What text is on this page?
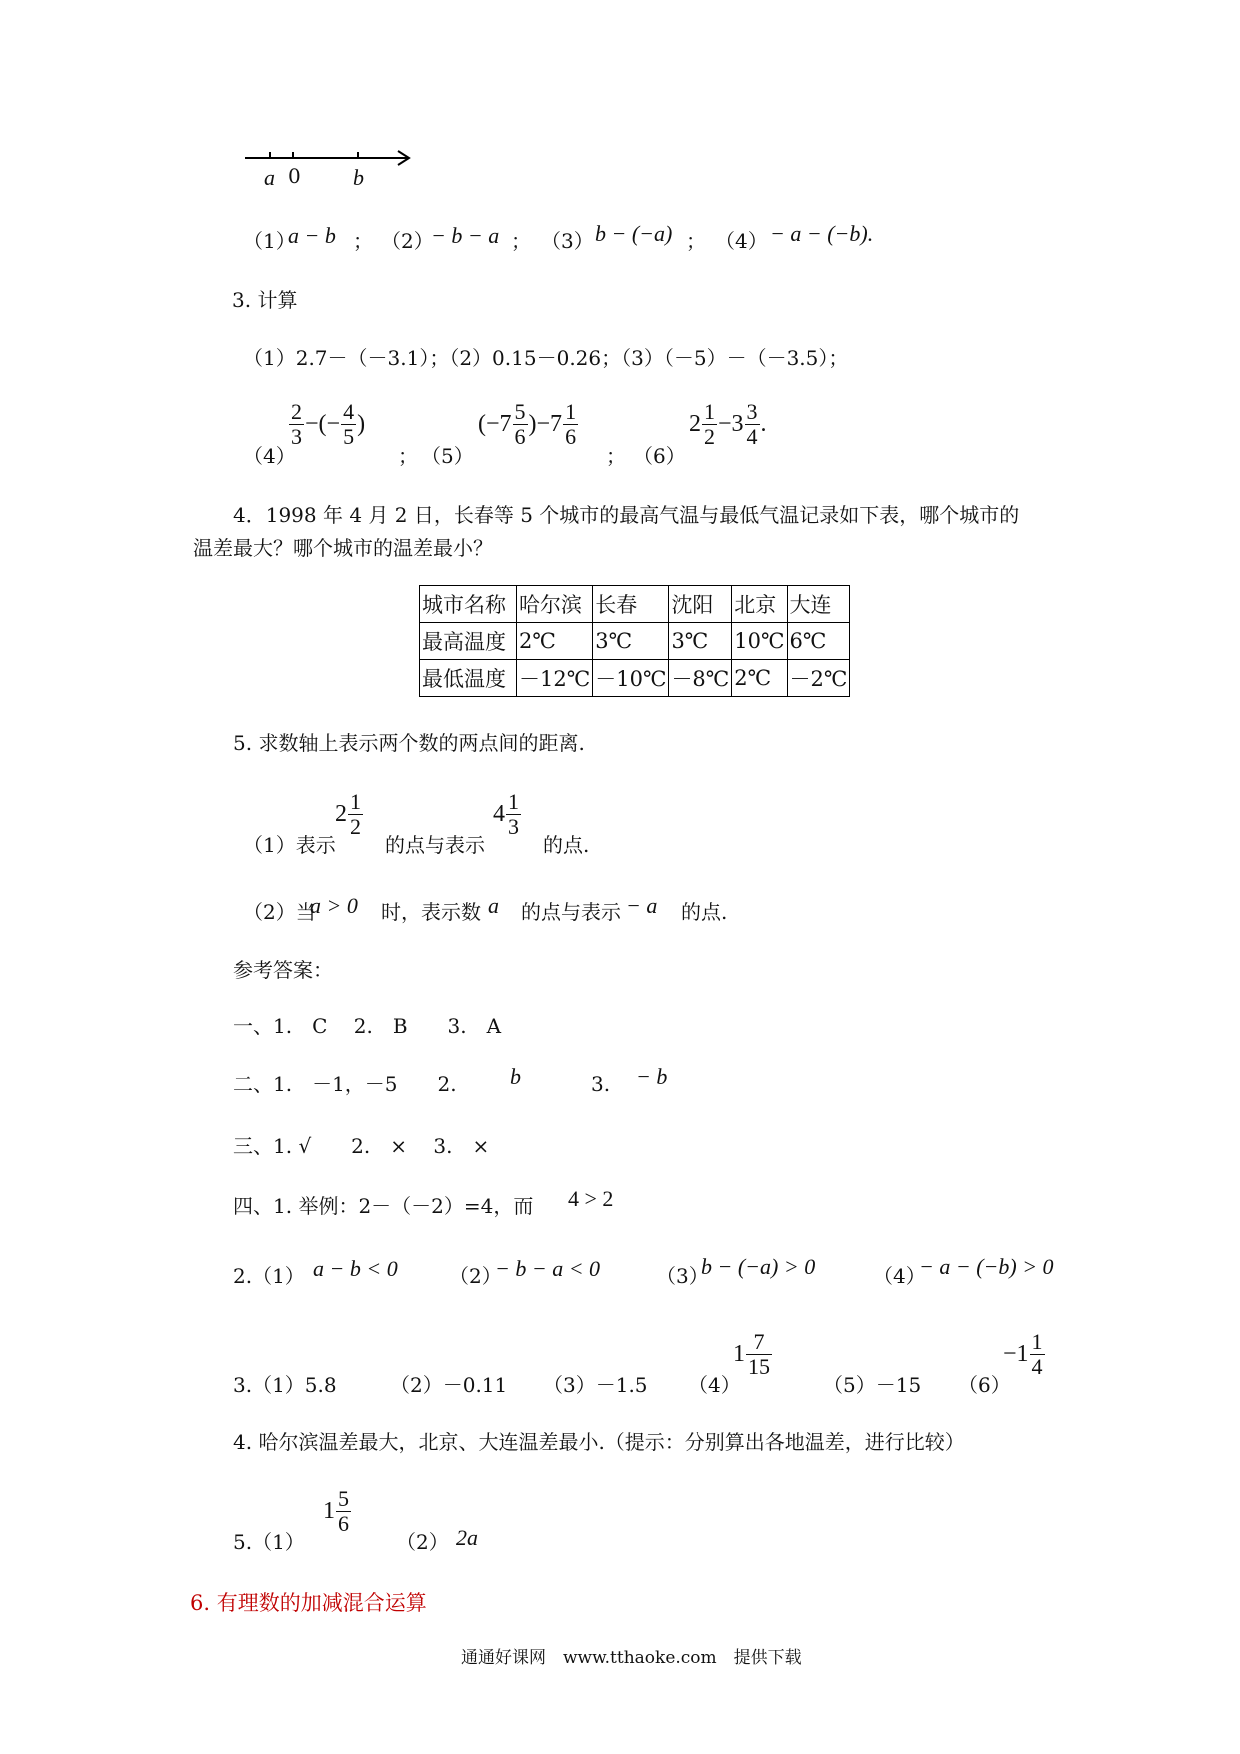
a 0 b
（1）
a − b ； （2）
− b − a ； （3） b − (−a) ； （4） − a − (−b).
3. 计算
（1）2.7－（－3.1）；（2）0.15－0.26；（3）（－5）－（－3.5）；
（4）
$\frac{2}{3}$ −(− $\frac{4}{5}$ )
； （5）
$(-7 \frac{5}{6} )-7 \frac{1}{6}$
； （6）
$2 \frac{1}{2} -3 \frac{3}{4}$ .
4．1998 年 4 月 2 日，长春等 5 个城市的最高气温与最低气温记录如下表，哪个城市的
温差最大？哪个城市的温差最小？
城市名称	哈尔滨	长春	沈阳	北京	大连
最高温度	2℃	3℃	3℃	10℃	6℃
最低温度	－12℃	－10℃	－8℃	2℃	－2℃
5. 求数轴上表示两个数的两点间的距离.
（1）表示
$2 \frac{1}{2}$
的点与表示
$4 \frac{1}{3}$
的点.
（2）当
a > 0 时，表示数 a 的点与表示 − a 的点.
参考答案：
一、1.　C　 2.　B　　3.　A
二、1.　－1，－5　　2. b	3. − b
三、1. √　　2.　×　 3.　×
四、1. 举例：2－（－2）=4，而 4 > 2
2.（1） a − b < 0	（2）
− b − a < 0	（3）
b − (−a) > 0	（4）
− a − (−b) > 0
3.（1）5.8	（2）－0.11 （3）－1.5 （4）
$1 \frac{7}{15}$
（5）－15 （6）
$-1 \frac{1}{4}$
4. 哈尔滨温差最大，北京、大连温差最小.（提示：分别算出各地温差，进行比较）
5.（1）
$1 \frac{5}{6}$
（2） 2a
6. 有理数的加减混合运算
通通好课网　www.tthaoke.com　提供下载
